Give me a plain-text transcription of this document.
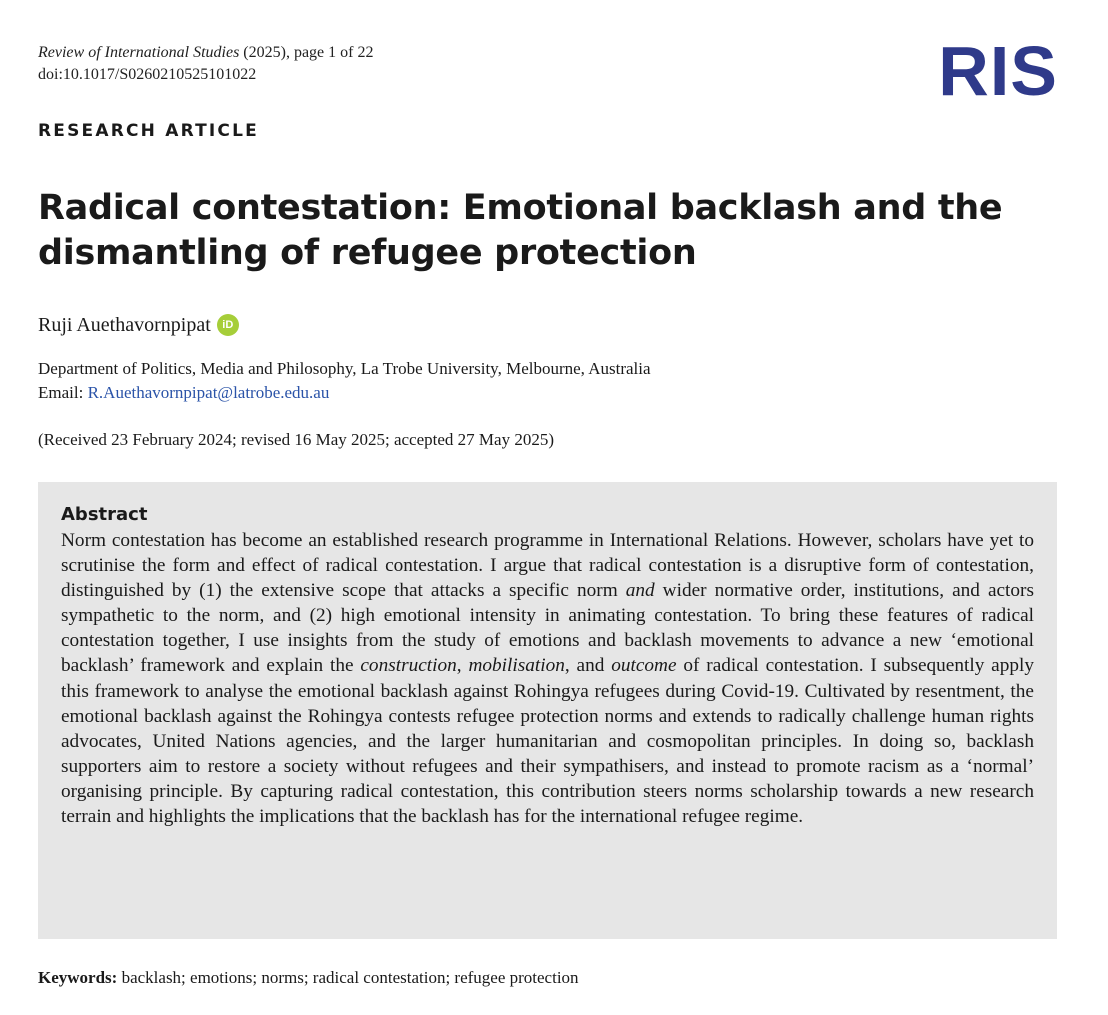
Review of International Studies (2025), page 1 of 22
doi:10.1017/S0260210525101022	RIS
RESEARCH ARTICLE
Radical contestation: Emotional backlash and the dismantling of refugee protection
Ruji Auethavornpipat	iD
Department of Politics, Media and Philosophy, La Trobe University, Melbourne, Australia
Email: R.Auethavornpipat@latrobe.edu.au
(Received 23 February 2024; revised 16 May 2025; accepted 27 May 2025)
Abstract

Norm contestation has become an established research programme in International Relations. However, scholars have yet to scrutinise the form and effect of radical contestation. I argue that radical contestation is a disruptive form of contestation, distinguished by (1) the extensive scope that attacks a specific norm and wider normative order, institutions, and actors sympathetic to the norm, and (2) high emotional intensity in animating contestation. To bring these features of radical contestation together, I use insights from the study of emotions and backlash movements to advance a new ‘emotional backlash’ framework and explain the construction, mobilisation, and outcome of radical contestation. I subsequently apply this framework to analyse the emotional backlash against Rohingya refugees during Covid-19. Cultivated by resentment, the emotional backlash against the Rohingya contests refugee protection norms and extends to radically challenge human rights advocates, United Nations agencies, and the larger humanitarian and cosmopolitan principles. In doing so, backlash supporters aim to restore a society without refugees and their sympathisers, and instead to promote racism as a ‘normal’ organising principle. By capturing radical contestation, this contribution steers norms scholarship towards a new research terrain and highlights the implications that the backlash has for the international refugee regime.

Keywords: backlash; emotions; norms; radical contestation; refugee protection
